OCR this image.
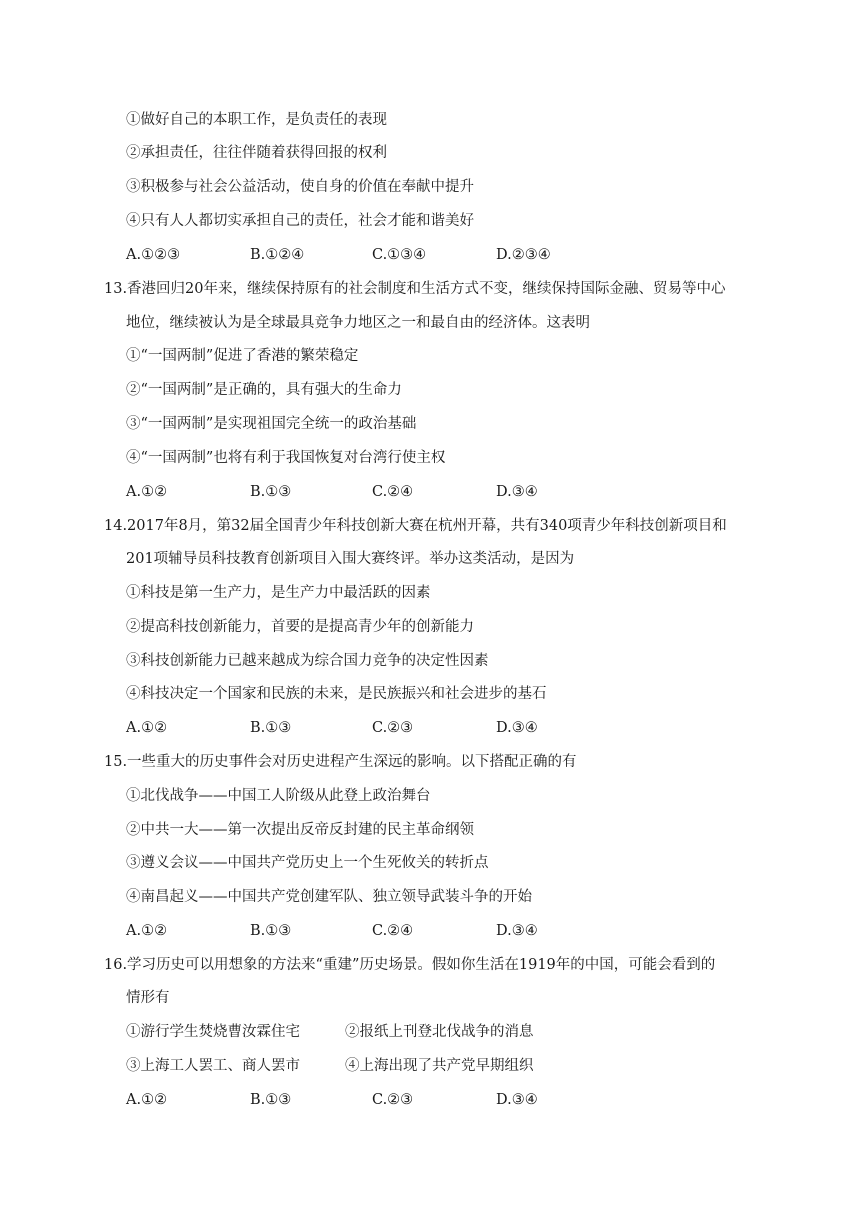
①做好自己的本职工作，是负责任的表现
②承担责任，往往伴随着获得回报的权利
③积极参与社会公益活动，使自身的价值在奉献中提升
④只有人人都切实承担自己的责任，社会才能和谐美好
A.①②③	B.①②④	C.①③④	D.②③④
13.香港回归20年来，继续保持原有的社会制度和生活方式不变，继续保持国际金融、贸易等中心
地位，继续被认为是全球最具竞争力地区之一和最自由的经济体。这表明
①“一国两制”促进了香港的繁荣稳定
②“一国两制”是正确的，具有强大的生命力
③“一国两制”是实现祖国完全统一的政治基础
④“一国两制”也将有利于我国恢复对台湾行使主权
A.①②	B.①③	C.②④	D.③④
14.2017年8月，第32届全国青少年科技创新大赛在杭州开幕，共有340项青少年科技创新项目和
201项辅导员科技教育创新项目入围大赛终评。举办这类活动，是因为
①科技是第一生产力，是生产力中最活跃的因素
②提高科技创新能力，首要的是提高青少年的创新能力
③科技创新能力已越来越成为综合国力竞争的决定性因素
④科技决定一个国家和民族的未来，是民族振兴和社会进步的基石
A.①②	B.①③	C.②③	D.③④
15.一些重大的历史事件会对历史进程产生深远的影响。以下搭配正确的有
①北伐战争——中国工人阶级从此登上政治舞台
②中共一大——第一次提出反帝反封建的民主革命纲领
③遵义会议——中国共产党历史上一个生死攸关的转折点
④南昌起义——中国共产党创建军队、独立领导武装斗争的开始
A.①②	B.①③	C.②④	D.③④
16.学习历史可以用想象的方法来“重建”历史场景。假如你生活在1919年的中国，可能会看到的
情形有
①游行学生焚烧曹汝霖住宅	②报纸上刊登北伐战争的消息
③上海工人罢工、商人罢市	④上海出现了共产党早期组织
A.①②	B.①③	C.②③	D.③④
